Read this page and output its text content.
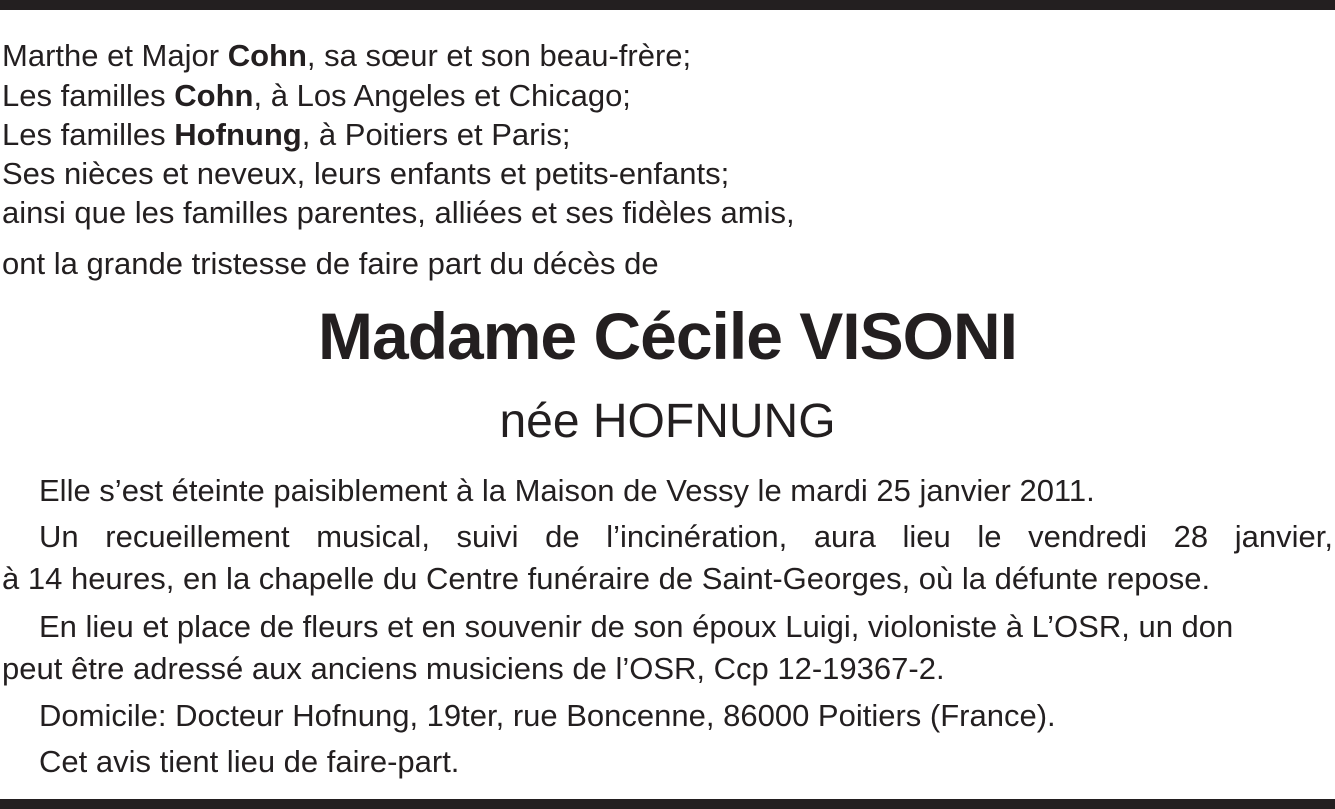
Marthe et Major Cohn, sa sœur et son beau-frère;
Les familles Cohn, à Los Angeles et Chicago;
Les familles Hofnung, à Poitiers et Paris;
Ses nièces et neveux, leurs enfants et petits-enfants;
ainsi que les familles parentes, alliées et ses fidèles amis,
ont la grande tristesse de faire part du décès de
Madame Cécile VISONI
née HOFNUNG
Elle s’est éteinte paisiblement à la Maison de Vessy le mardi 25 janvier 2011.
Un recueillement musical, suivi de l’incinération, aura lieu le vendredi 28 janvier,
à 14 heures, en la chapelle du Centre funéraire de Saint-Georges, où la défunte repose.
En lieu et place de fleurs et en souvenir de son époux Luigi, violoniste à L’OSR, un don
peut être adressé aux anciens musiciens de l’OSR, Ccp 12-19367-2.
Domicile: Docteur Hofnung, 19ter, rue Boncenne, 86000 Poitiers (France).
Cet avis tient lieu de faire-part.
